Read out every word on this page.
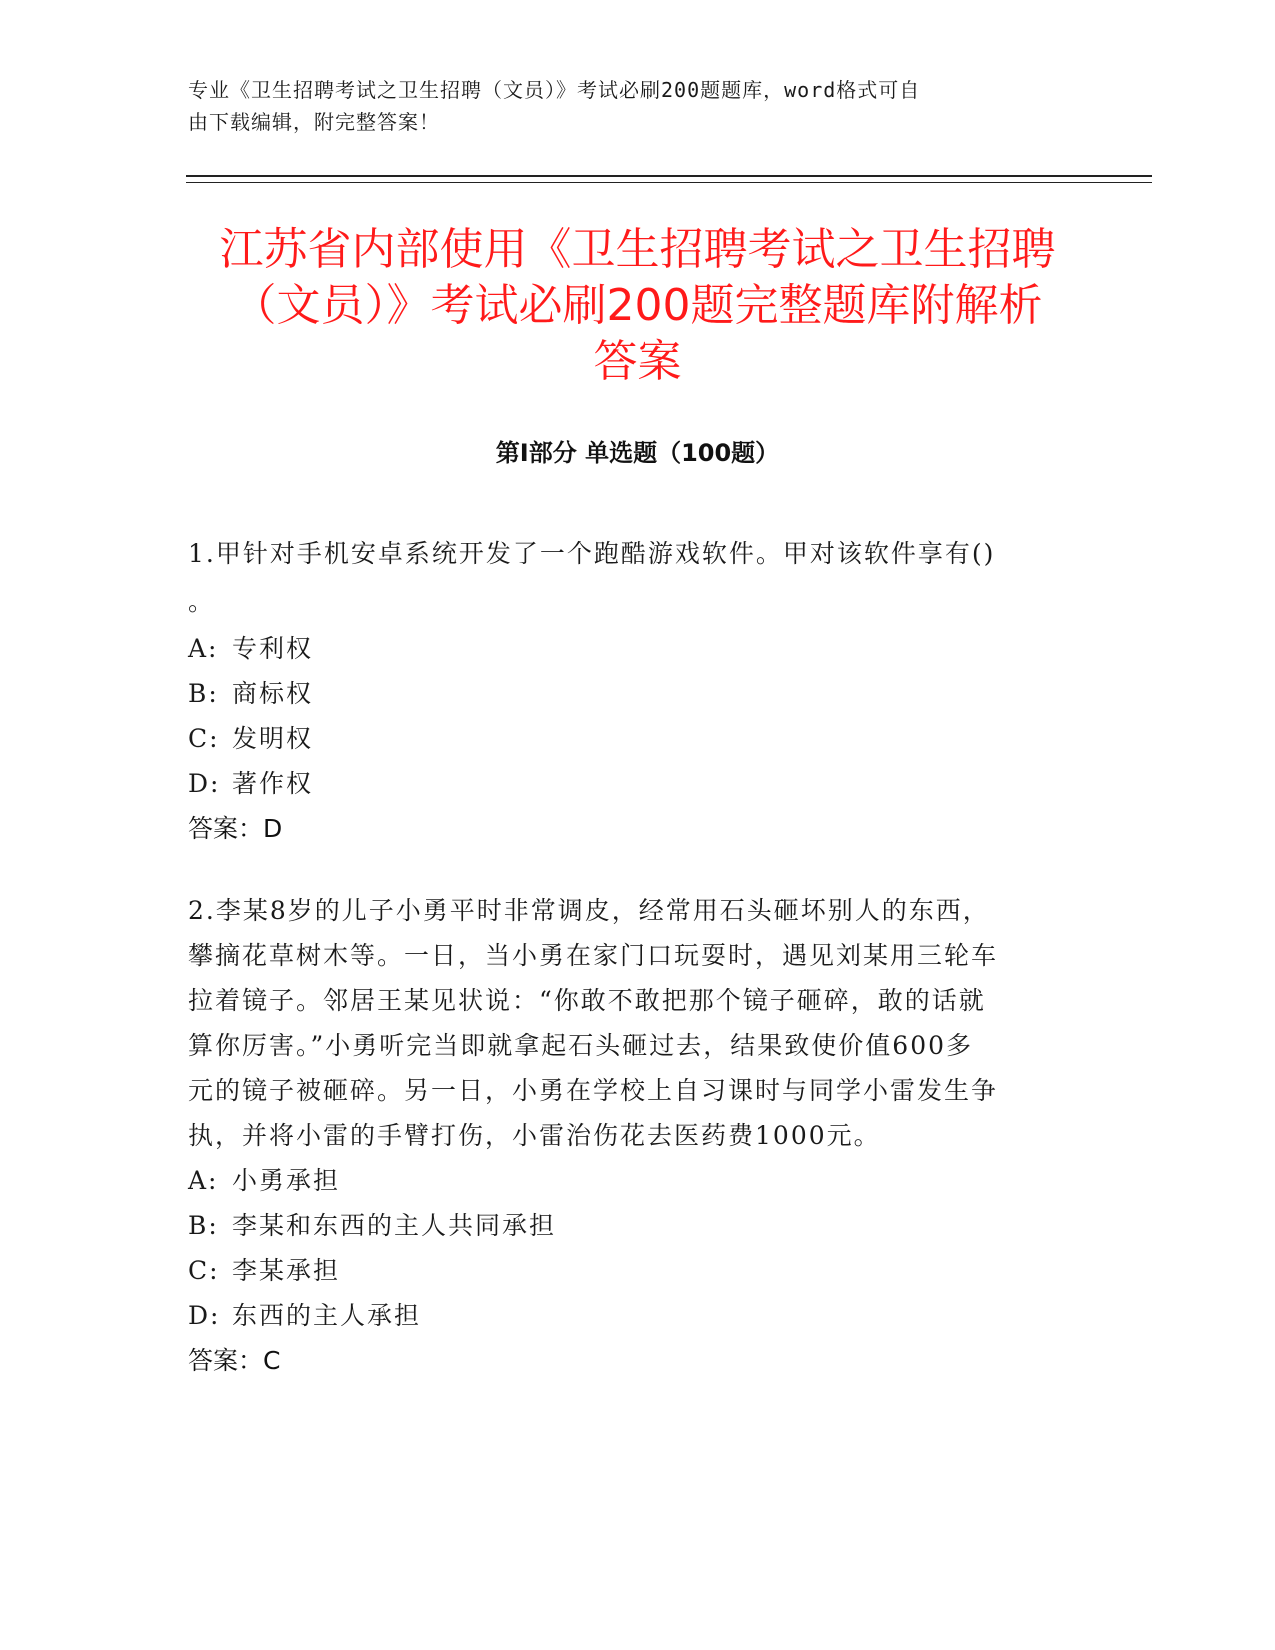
专业《卫生招聘考试之卫生招聘（文员）》考试必刷200题题库，word格式可自
由下载编辑，附完整答案！
江苏省内部使用《卫生招聘考试之卫生招聘
（文员）》考试必刷200题完整题库附解析
答案
第Ⅰ部分 单选题（100题）

1.甲针对手机安卓系统开发了一个跑酷游戏软件。甲对该软件享有()

。

A: 专利权

B: 商标权

C: 发明权

D: 著作权

答案：D

2.李某8岁的儿子小勇平时非常调皮，经常用石头砸坏别人的东西，

攀摘花草树木等。一日，当小勇在家门口玩耍时，遇见刘某用三轮车

拉着镜子。邻居王某见状说：“你敢不敢把那个镜子砸碎，敢的话就

算你厉害。”小勇听完当即就拿起石头砸过去，结果致使价值600多

元的镜子被砸碎。另一日，小勇在学校上自习课时与同学小雷发生争

执，并将小雷的手臂打伤，小雷治伤花去医药费1000元。

A: 小勇承担

B: 李某和东西的主人共同承担

C: 李某承担

D: 东西的主人承担

答案：C
